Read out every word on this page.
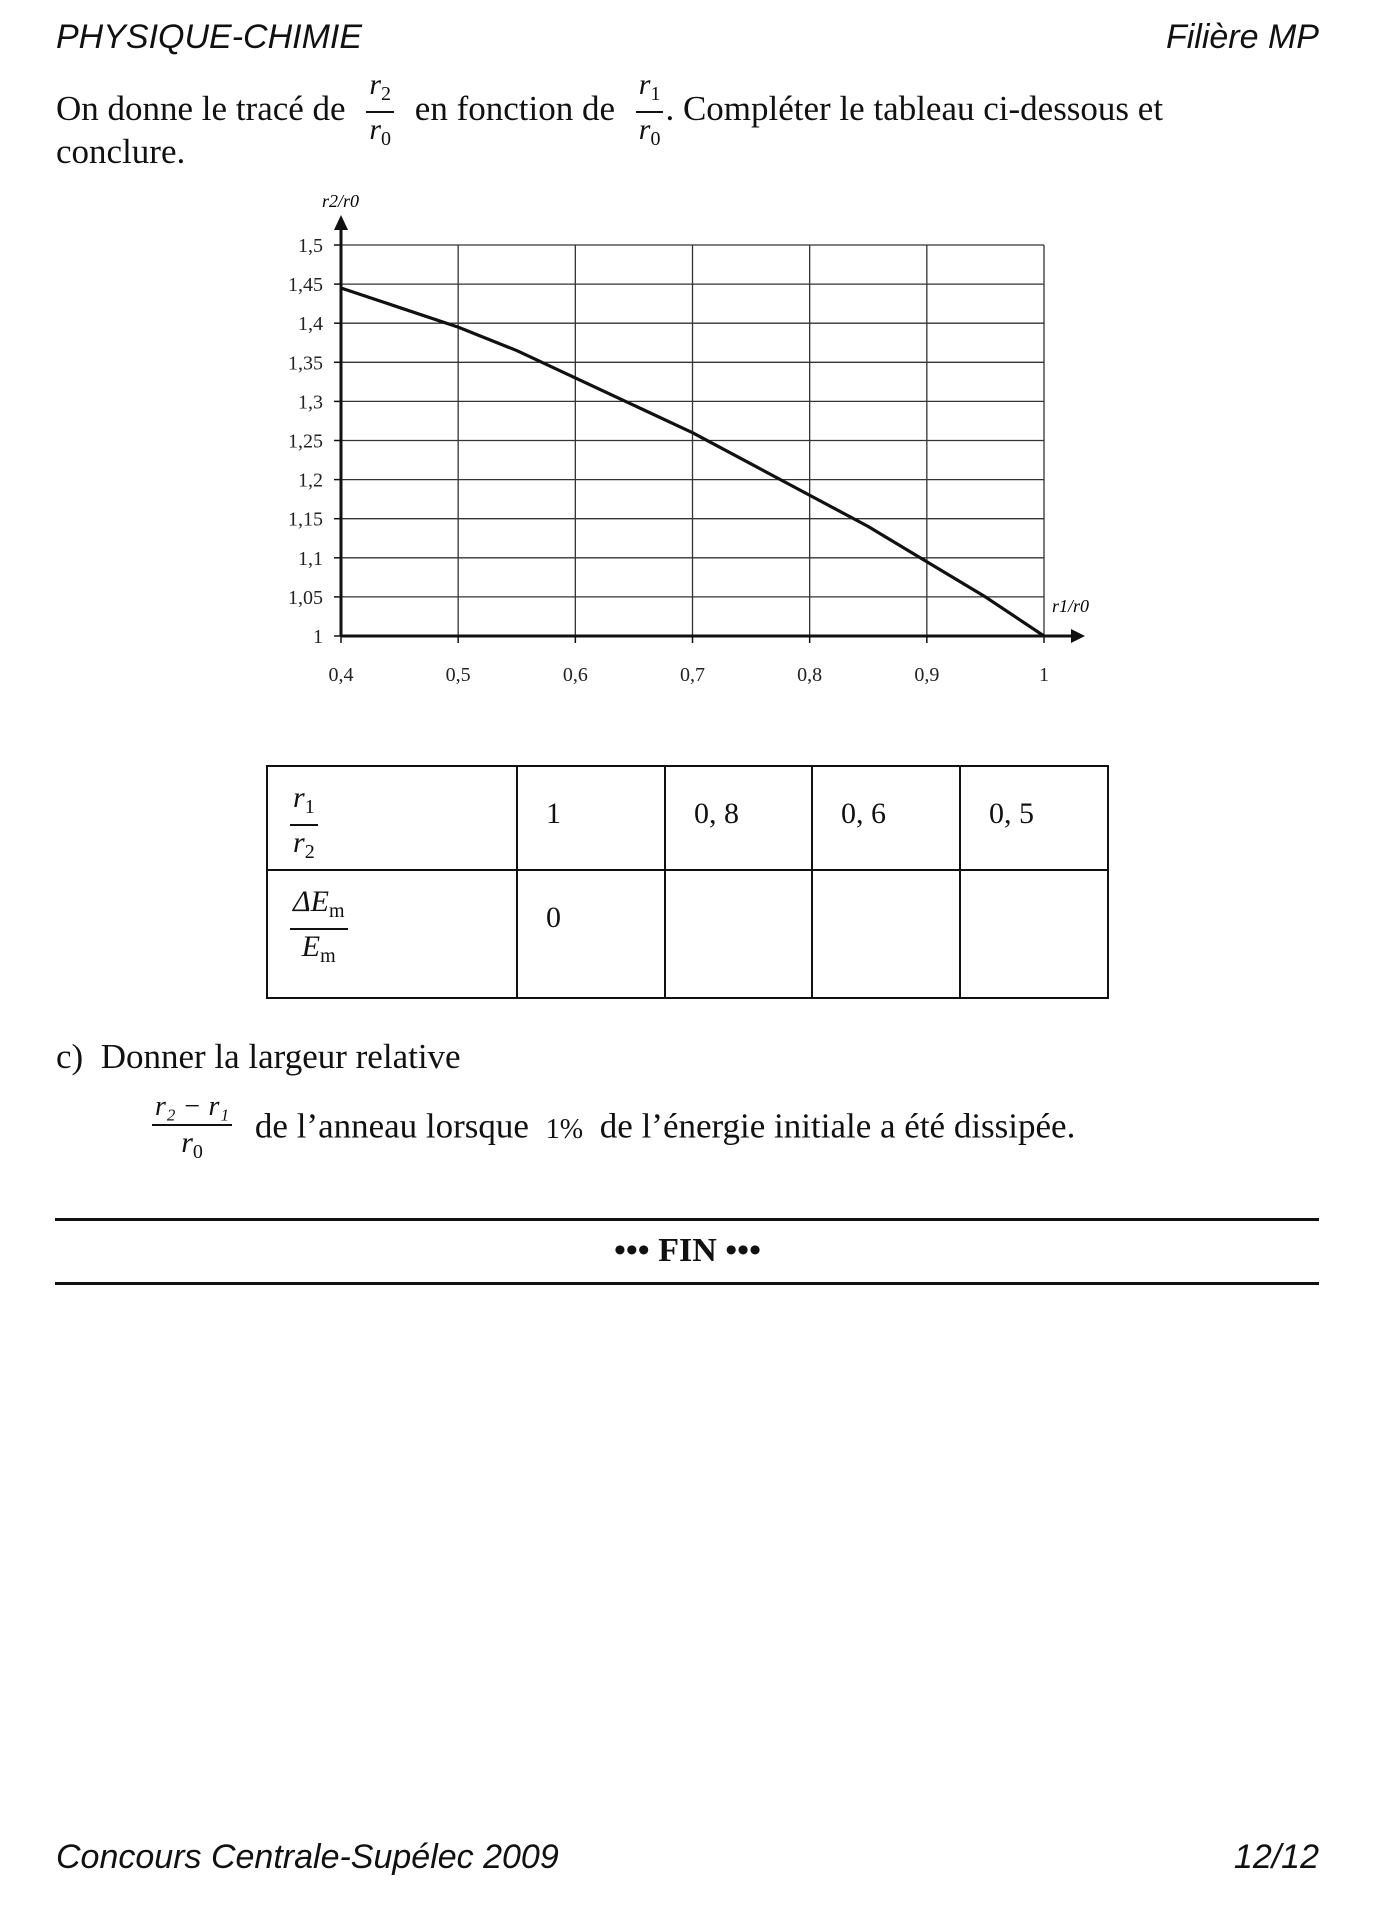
PHYSIQUE-CHIMIE	Filière MP
On donne le tracé de $\frac{r_2}{r_0}$ en fonction de $\frac{r_1}{r_0}$ . Compléter le tableau ci-dessous et
conclure.
0,4	0,5	0,6	0,7	0,8	0,9	1
1
1,05
1,1
1,15
1,2
1,25
1,3
1,35
1,4
1,45
1,5
r2/r0
r1/r0
$\frac{r_1}{r_2}$	1	0, 8	0, 6	0, 5

$\frac{\Delta E_m}{E_m}$	0			
c) Donner la largeur relative
$\frac{\text{r₂ − r₁}}{r_0}$ de l’anneau lorsque 1% de l’énergie initiale a été dissipée.
••• FIN •••
Concours Centrale-Supélec 2009	12/12
